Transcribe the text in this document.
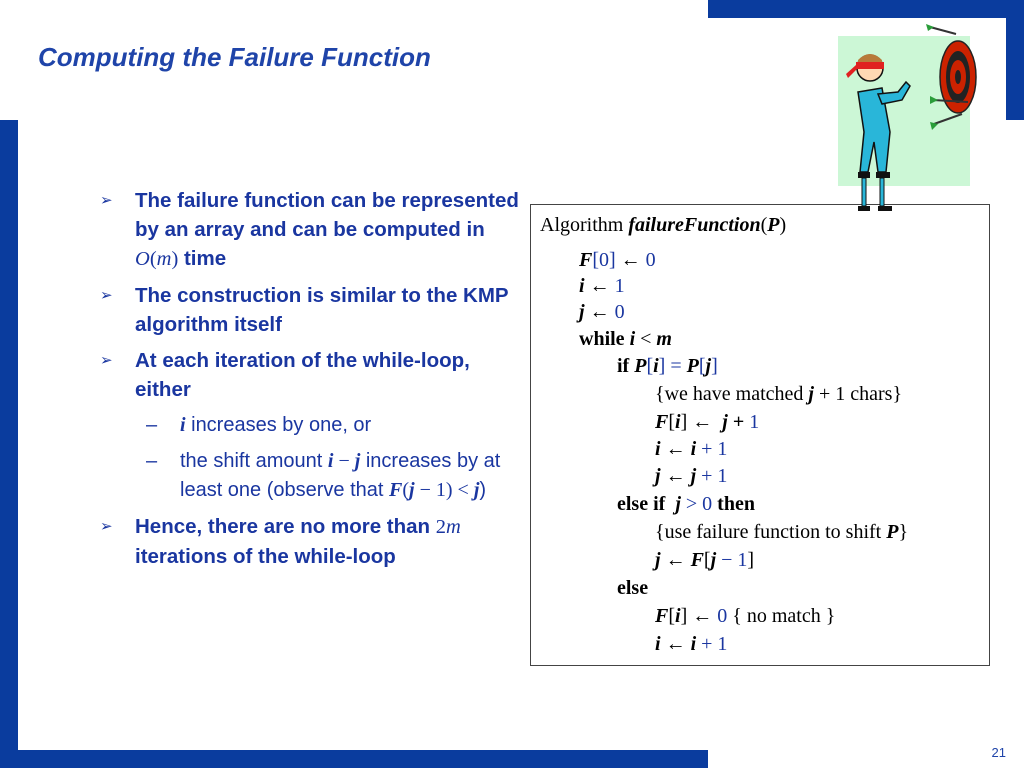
Computing the Failure Function
➢ The failure function can be represented by an array and can be computed in O(m) time
➢ The construction is similar to the KMP algorithm itself
➢ At each iteration of the while-loop, either
– i increases by one, or
– the shift amount i − j increases by at least one (observe that F(j − 1) < j)
➢ Hence, there are no more than 2m iterations of the while-loop
Algorithm failureFunction(P)
F[0] ← 0
i ← 1
j ← 0
while i < m
if P[i] = P[j]
{we have matched j + 1 chars}
F[i] ← j + 1
i ← i + 1
j ← j + 1
else if j > 0 then
{use failure function to shift P}
j ← F[j − 1]
else
F[i] ← 0 { no match }
i ← i + 1
21
